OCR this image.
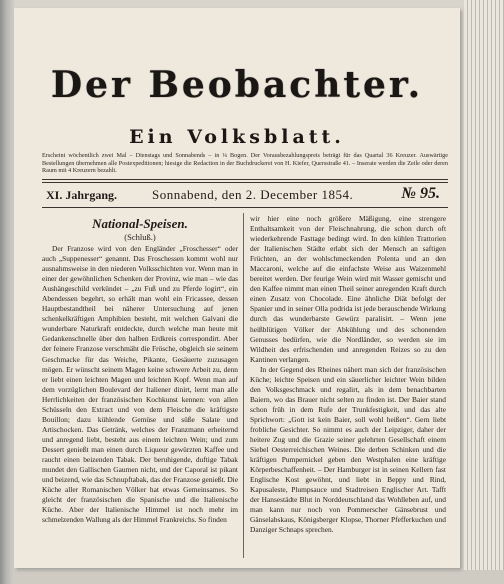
Der Beobachter.
Ein Volksblatt.
Erscheint wöchentlich zwei Mal – Dienstags und Sonnabends – in ¼ Bogen. Der Vorausbezahlungspreis beträgt für das Quartal 36 Kreuzer. Auswärtige Bestellungen übernehmen alle Postexpeditionen; hiesige die Redaction in der Buchdruckerei von H. Kiefer, Quersstraße 41. – Inserate werden die Zeile oder deren Raum mit 4 Kreuzern bezahlt.
XI. Jahrgang.	Sonnabend, den 2. December 1854.	№ 95.
National-Speisen.
(Schluß.)

Der Franzose wird von den Engländer „Froschesser“ oder auch „Suppenesser“ genannt. Das Froschessen kommt wohl nur ausnahmsweise in den niederen Volksschichten vor. Wenn man in einer der gewöhnlichen Schenken der Provinz, wie man – wie das Aushängeschild verkündet – „zu Fuß und zu Pferde logirt“, ein Abendessen begehrt, so erhält man wohl ein Fricassee, dessen Hauptbestandtheil bei näherer Untersuchung auf jenen schenkelkräftigen Amphibien besteht, mit welchen Galvani die wunderbare Naturkraft entdeckte, durch welche man heute mit Gedankenschnelle über den halben Erdkreis correspondirt. Aber der feinere Franzose verschmäht die Frösche, obgleich sie seinem Geschmacke für das Weiche, Pikante, Gesäuerte zuzusagen mögen. Er wünscht seinem Magen keine schwere Arbeit zu, denn er liebt einen leichten Magen und leichten Kopf. Wenn man auf dem vorzüglichen Boulevard der Italiener dinirt, lernt man alle Herrlichkeiten der französischen Kochkunst kennen: von allen Schüsseln den Extract und von dem Fleische die kräftigste Bouillon; dazu kühlende Gemüse und süße Salate und Artischocken. Das Getränk, welches der Franzmann erheiternd und anregend liebt, besteht aus einem leichten Wein; und zum Dessert genießt man einen durch Liqueur gewürzten Kaffee und raucht einen beizenden Tabak. Der beruhigende, duftige Tabak mundet den Gallischen Gaumen nicht, und der Caporal ist pikant und beizend, wie das Schnupftabak, das der Franzose genießt. Die Küche aller Romanischen Völker hat etwas Gemeinsames. So gleicht der französischen die Spanische und die Italienische Küche. Aber der Italienische Himmel ist noch mehr im schmelzenden Wallung als der Himmel Frankreichs. So finden

wir hier eine noch größere Mäßigung, eine strengere Enthaltsamkeit von der Fleischnahrung, die schon durch oft wiederkehrende Fasttage bedingt wird. In den kühlen Trattorien der Italienischen Städte erlabt sich der Mensch an saftigen Früchten, an der wohlschmeckenden Polenta und an den Maccaroni, welche auf die einfachste Weise aus Waizenmehl bereitet werden. Der feurige Wein wird mit Wasser gemischt und den Kaffee nimmt man einen Theil seiner anregenden Kraft durch einen Zusatz von Chocolade. Eine ähnliche Diät befolgt der Spanier und in seiner Olla podrida ist jede berauschende Wirkung durch das wunderbarste Gewürz paralisirt. – Wenn jene heißblütigen Völker der Abkühlung und des schonenden Genusses bedürfen, wie die Nordländer, so werden sie im Wildheit des erfrischenden und anregenden Reizes so zu den Kantinen verlangen.

In der Gegend des Rheines nähert man sich der französischen Küche; leichte Speisen und ein säuerlicher leichter Wein bilden den Volksgeschmack und regalirt, als in dem benachbarten Baiern, wo das Brauer nicht selten zu finden ist. Der Baier stand schon früh in dem Rufe der Trunkfestigkeit, und das alte Sprichwort: „Gott ist kein Baier, soll wohl heißen“. Gern liebt frobliche Gesichter. So nimmt es auch der Leipziger, daher der heitere Zug und die Grazie seiner gelehrten Gesellschaft einem Siebel Oesterreichischen Weines. Die derben Schinken und die kräftigen Pumpernickel geben den Westphalen eine kräftige Körperbeschaffenheit. – Der Hamburger ist in seinen Kellern fast Englische Kost gewöhnt, und liebt in Beppy und Rind, Kapusaleste, Plumpsauce und Stadtreisen Englischer Art. Tafft der Hansestädte Blut in Norddeutschland das Wohlleben auf, und man kann nur noch von Pommerscher Gänsebrust und Gänselabskaus, Königsberger Klopse, Thorner Pfefferkuchen und Danziger Schnaps sprechen.
